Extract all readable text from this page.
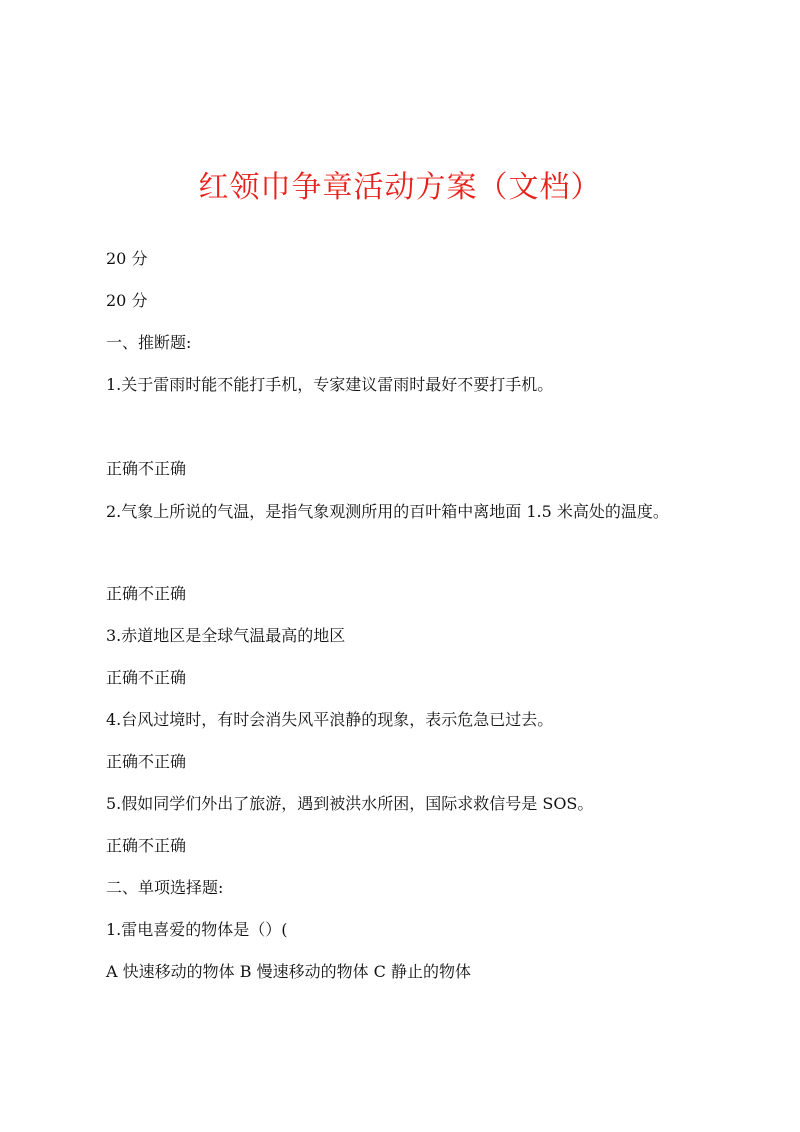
红领巾争章活动方案（文档）

20 分

20 分

一、推断题:

1.关于雷雨时能不能打手机，专家建议雷雨时最好不要打手机。

正确不正确

2.气象上所说的气温，是指气象观测所用的百叶箱中离地面 1.5 米高处的温度。

正确不正确

3.赤道地区是全球气温最高的地区

正确不正确

4.台风过境时，有时会消失风平浪静的现象，表示危急已过去。

正确不正确

5.假如同学们外出了旅游，遇到被洪水所困，国际求救信号是 SOS。

正确不正确

二、单项选择题:

1.雷电喜爱的物体是（）(

A 快速移动的物体 B 慢速移动的物体 C 静止的物体
